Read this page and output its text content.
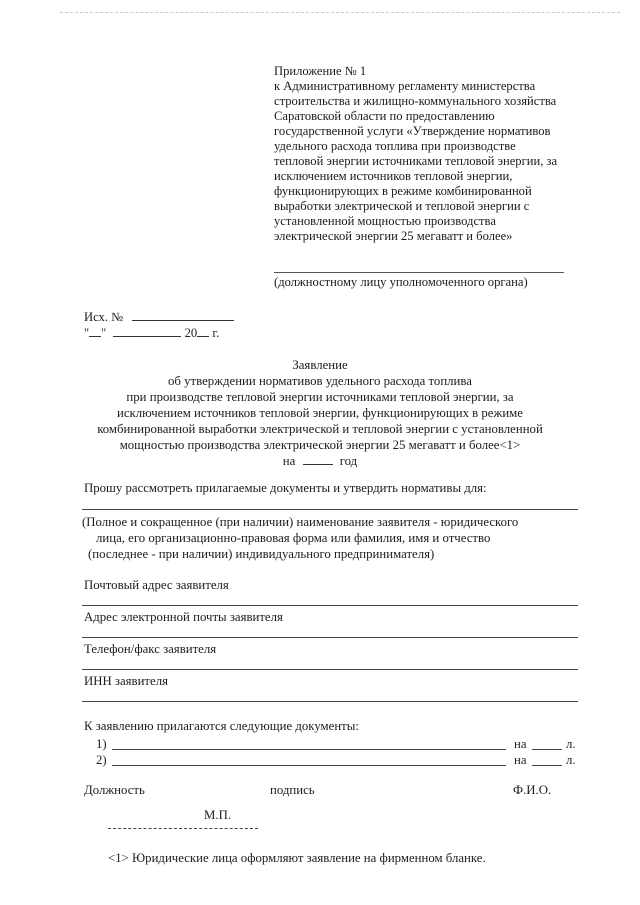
Приложение № 1
к Административному регламенту министерства
строительства и жилищно-коммунального хозяйства
Саратовской области по предоставлению
государственной услуги «Утверждение нормативов
удельного расхода топлива при производстве
тепловой энергии источниками тепловой энергии, за
исключением источников тепловой энергии,
функционирующих в режиме комбинированной
выработки электрической и тепловой энергии с
установленной мощностью производства
электрической энергии 25 мегаватт и более»
(должностному лицу уполномоченного органа)
Исх. №
" "	20 г.
Заявление
об утверждении нормативов удельного расхода топлива
при производстве тепловой энергии источниками тепловой энергии, за
исключением источников тепловой энергии, функционирующих в режиме
комбинированной выработки электрической и тепловой энергии с установленной
мощностью производства электрической энергии 25 мегаватт и более<1>
на	год
Прошу рассмотреть прилагаемые документы и утвердить нормативы для:
(Полное и сокращенное (при наличии) наименование заявителя - юридического
лица, его организационно-правовая форма или фамилия, имя и отчество
(последнее - при наличии) индивидуального предпринимателя)
Почтовый адрес заявителя
Адрес электронной почты заявителя
Телефон/факс заявителя
ИНН заявителя
К заявлению прилагаются следующие документы:
1)	на	л.
2)	на	л.
Должность	подпись	Ф.И.О.
М.П.
<1> Юридические лица оформляют заявление на фирменном бланке.
